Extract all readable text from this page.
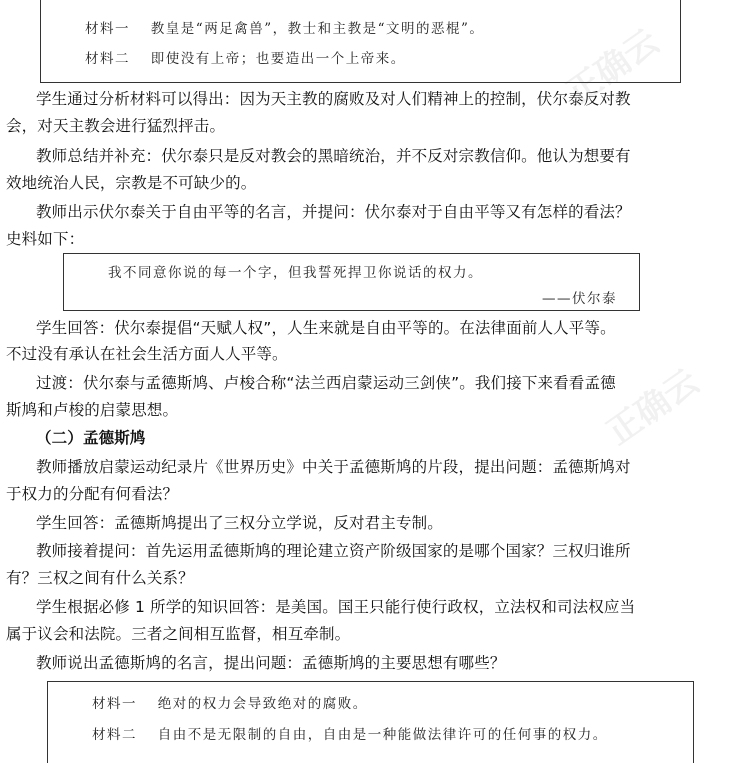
正确云
正确云
材料一　 教皇是“两足禽兽”，教士和主教是“文明的恶棍”。
材料二　 即使没有上帝；也要造出一个上帝来。
学生通过分析材料可以得出：因为天主教的腐败及对人们精神上的控制，伏尔泰反对教
会，对天主教会进行猛烈抨击。
教师总结并补充：伏尔泰只是反对教会的黑暗统治，并不反对宗教信仰。他认为想要有
效地统治人民，宗教是不可缺少的。
教师出示伏尔泰关于自由平等的名言，并提问：伏尔泰对于自由平等又有怎样的看法？
史料如下：
我不同意你说的每一个字，但我誓死捍卫你说话的权力。
——伏尔泰
学生回答：伏尔泰提倡“天赋人权”，人生来就是自由平等的。在法律面前人人平等。
不过没有承认在社会生活方面人人平等。
过渡：伏尔泰与孟德斯鸠、卢梭合称“法兰西启蒙运动三剑侠”。我们接下来看看孟德
斯鸠和卢梭的启蒙思想。
（二）孟德斯鸠
教师播放启蒙运动纪录片《世界历史》中关于孟德斯鸠的片段，提出问题：孟德斯鸠对
于权力的分配有何看法？
学生回答：孟德斯鸠提出了三权分立学说，反对君主专制。
教师接着提问：首先运用孟德斯鸠的理论建立资产阶级国家的是哪个国家？三权归谁所
有？三权之间有什么关系？
学生根据必修 1 所学的知识回答：是美国。国王只能行使行政权，立法权和司法权应当
属于议会和法院。三者之间相互监督，相互牵制。
教师说出孟德斯鸠的名言，提出问题：孟德斯鸠的主要思想有哪些？
材料一　 绝对的权力会导致绝对的腐败。
材料二　 自由不是无限制的自由，自由是一种能做法律许可的任何事的权力。
